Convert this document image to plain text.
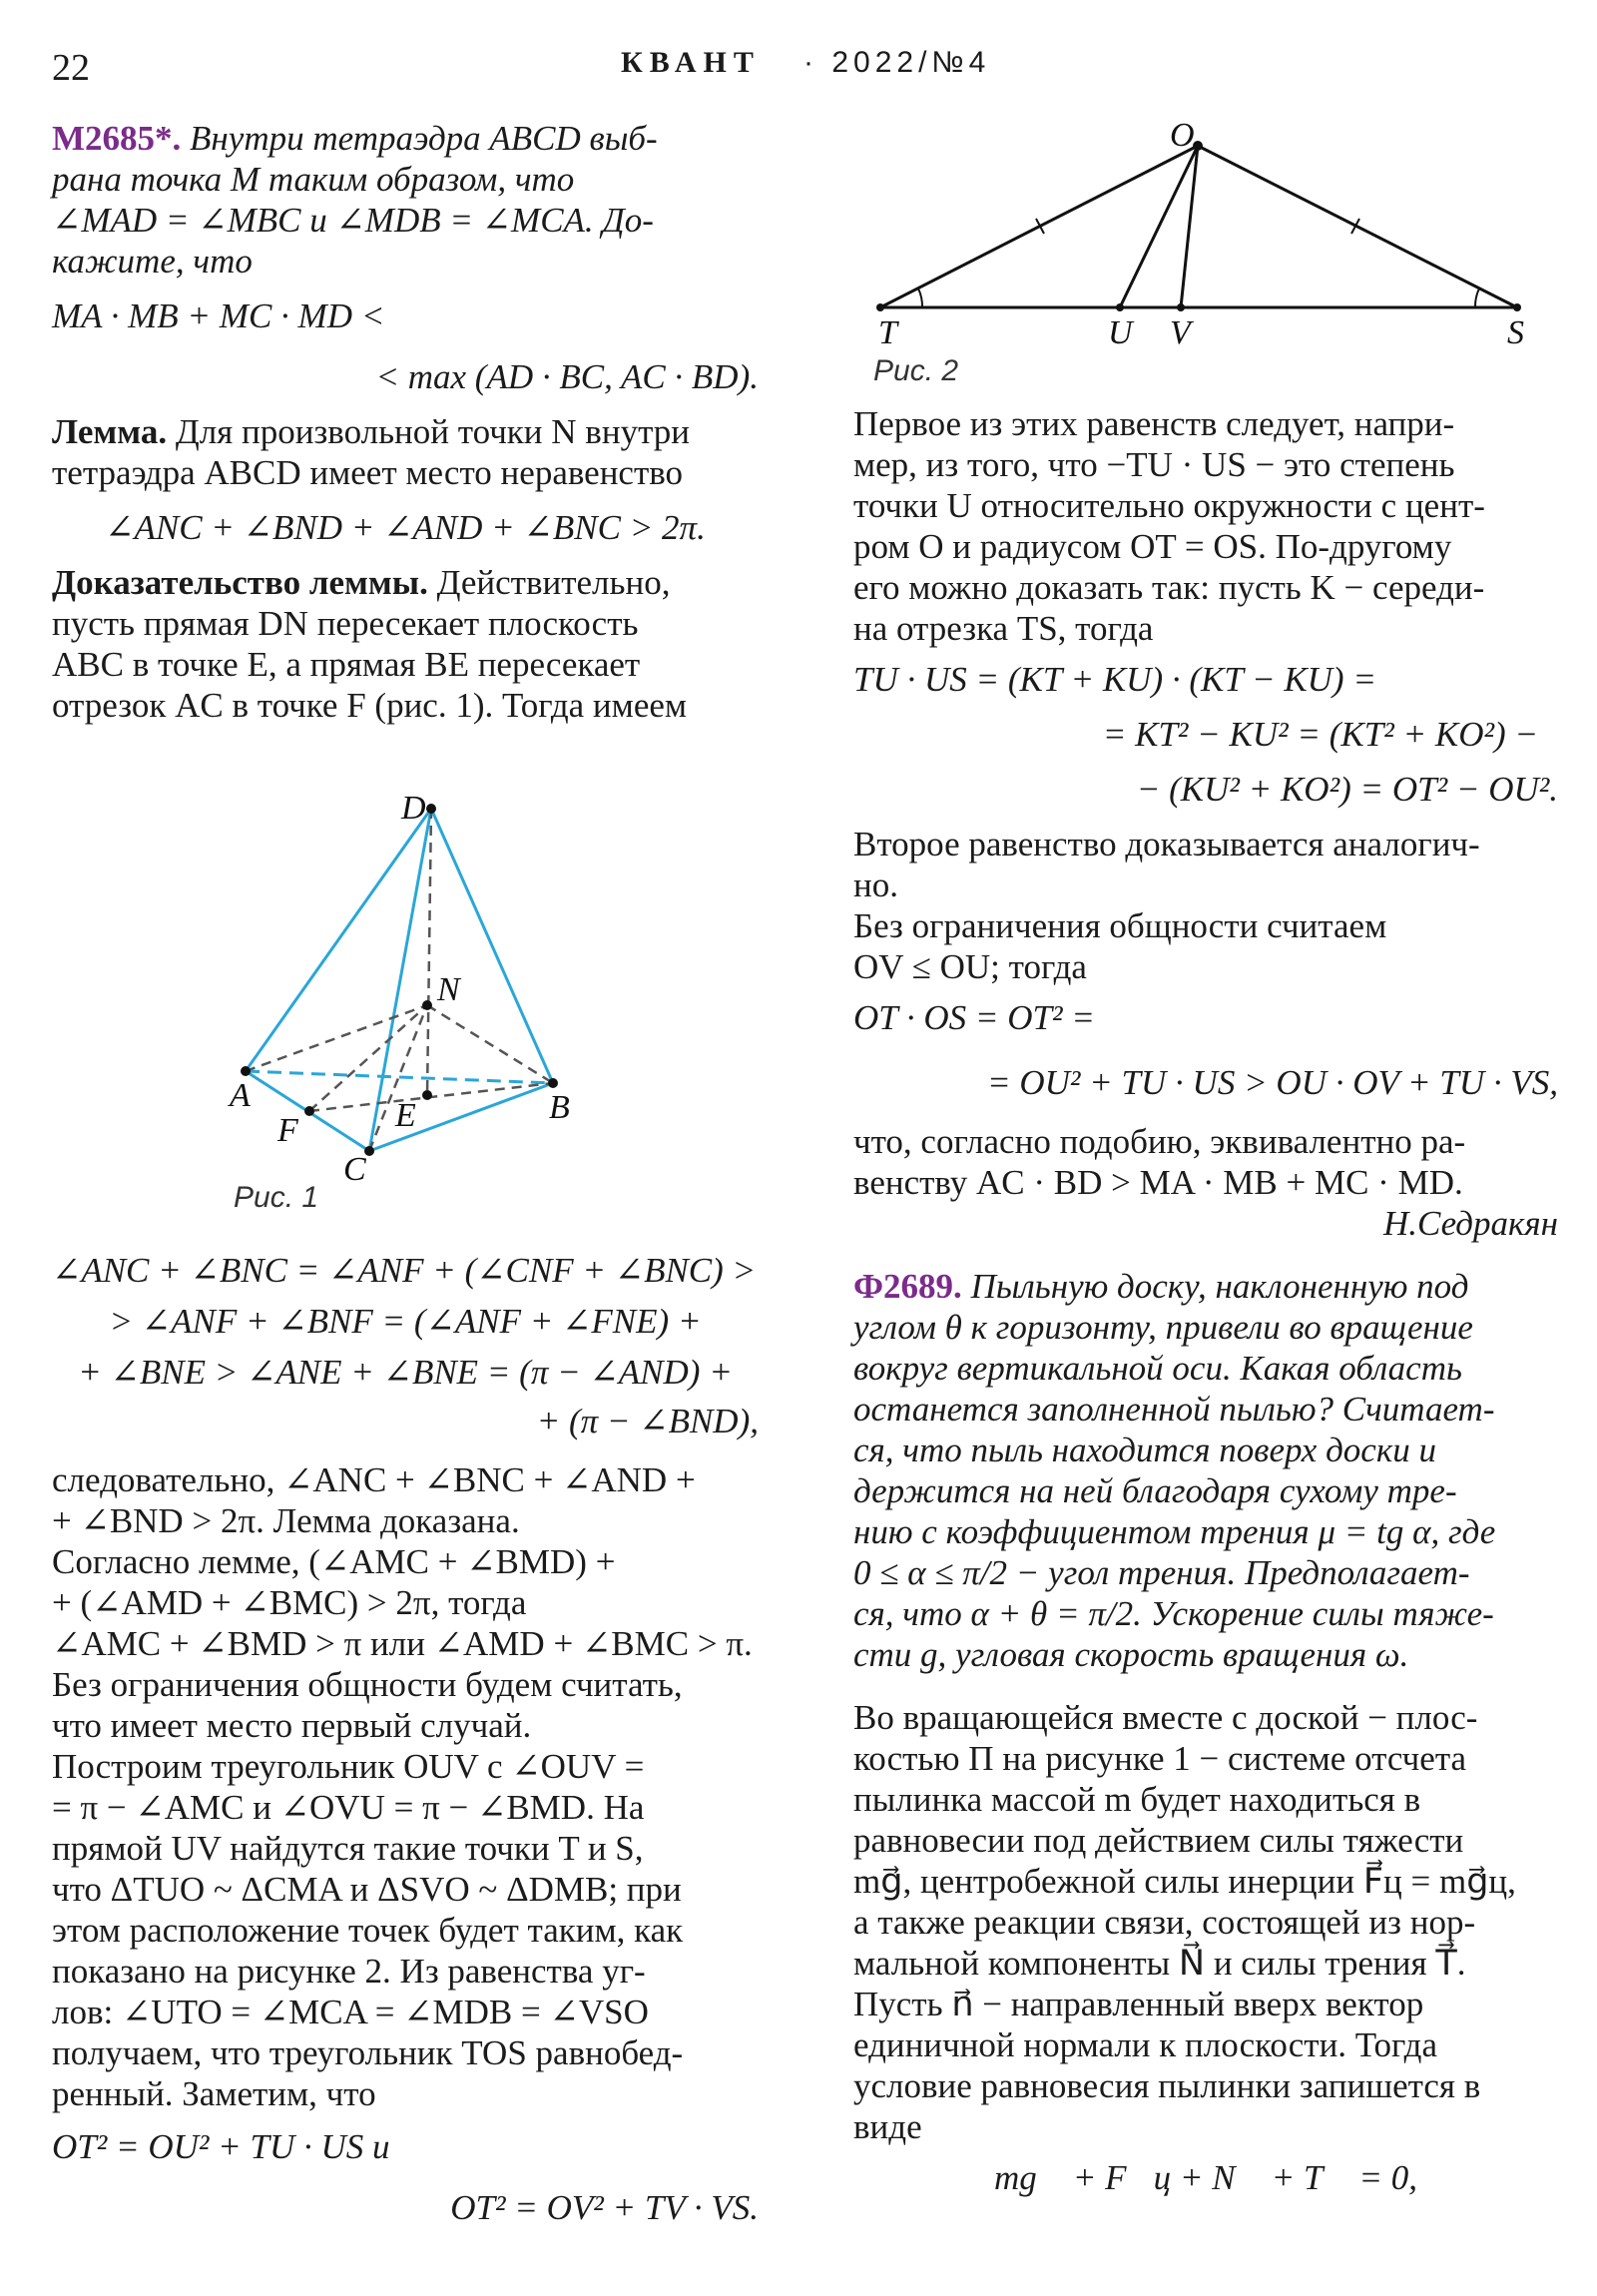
22	КВАНТ · 2022/№4

М2685*. Внутри тетраэдра ABCD выб-
рана точка M таким образом, что
∠MAD = ∠MBC и ∠MDB = ∠MCA. До-
кажите, что

MA · MB + MC · MD <

< max (AD · BC, AC · BD).

Лемма. Для произвольной точки N внутри
тетраэдра ABCD имеет место неравенство

∠ANC + ∠BND + ∠AND + ∠BNC > 2π.

Доказательство леммы. Действительно,
пусть прямая DN пересекает плоскость
ABC в точке E, а прямая BE пересекает
отрезок AC в точке F (рис. 1). Тогда имеем

D
A	B
C
N
E
F
Рис. 1

∠ANC + ∠BNC = ∠ANF + (∠CNF + ∠BNC) >

> ∠ANF + ∠BNF = (∠ANF + ∠FNE) +

+ ∠BNE > ∠ANE + ∠BNE = (π − ∠AND) +

+ (π − ∠BND),

следовательно, ∠ANC + ∠BNC + ∠AND +
+ ∠BND > 2π. Лемма доказана.
Согласно лемме, (∠AMC + ∠BMD) +
+ (∠AMD + ∠BMC) > 2π, тогда
∠AMC + ∠BMD > π или ∠AMD + ∠BMC > π.
Без ограничения общности будем считать,
что имеет место первый случай.
Построим треугольник OUV с ∠OUV =
= π − ∠AMC и ∠OVU = π − ∠BMD. На
прямой UV найдутся такие точки T и S,
что ΔTUO ~ ΔCMA и ΔSVO ~ ΔDMB; при
этом расположение точек будет таким, как
показано на рисунке 2. Из равенства уг-
лов: ∠UTO = ∠MCA = ∠MDB = ∠VSO
получаем, что треугольник TOS равнобед-
ренный. Заметим, что

OT² = OU² + TU · US и

OT² = OV² + TV · VS.

O
T	U V	S
Рис. 2

Первое из этих равенств следует, напри-
мер, из того, что −TU · US − это степень
точки U относительно окружности с цент-
ром O и радиусом OT = OS. По-другому
его можно доказать так: пусть K − середи-
на отрезка TS, тогда

TU · US = (KT + KU) · (KT − KU) =

= KT² − KU² = (KT² + KO²) −

− (KU² + KO²) = OT² − OU².

Второе равенство доказывается аналогич-
но.
Без ограничения общности считаем
OV ≤ OU; тогда

OT · OS = OT² =

= OU² + TU · US > OU · OV + TU · VS,

что, согласно подобию, эквивалентно ра-
венству AC · BD > MA · MB + MC · MD.

Н.Седракян

Ф2689. Пыльную доску, наклоненную под
углом θ к горизонту, привели во вращение
вокруг вертикальной оси. Какая область
останется заполненной пылью? Считает-
ся, что пыль находится поверх доски и
держится на ней благодаря сухому тре-
нию с коэффициентом трения μ = tg α, где
0 ≤ α ≤ π/2 − угол трения. Предполагает-
ся, что α + θ = π/2. Ускорение силы тяже-
сти g, угловая скорость вращения ω.

Во вращающейся вместе с доской − плос-
костью Π на рисунке 1 − системе отсчета
пылинка массой m будет находиться в
равновесии под действием силы тяжести
mg⃗, центробежной силы инерции F⃗ц = mg⃗ц,
а также реакции связи, состоящей из нор-
мальной компоненты N⃗ и силы трения T⃗.
Пусть n⃗ − направленный вверх вектор
единичной нормали к плоскости. Тогда
условие равновесия пылинки запишется в
виде

mg⃗ + F⃗ц + N⃗ + T⃗ = 0,
